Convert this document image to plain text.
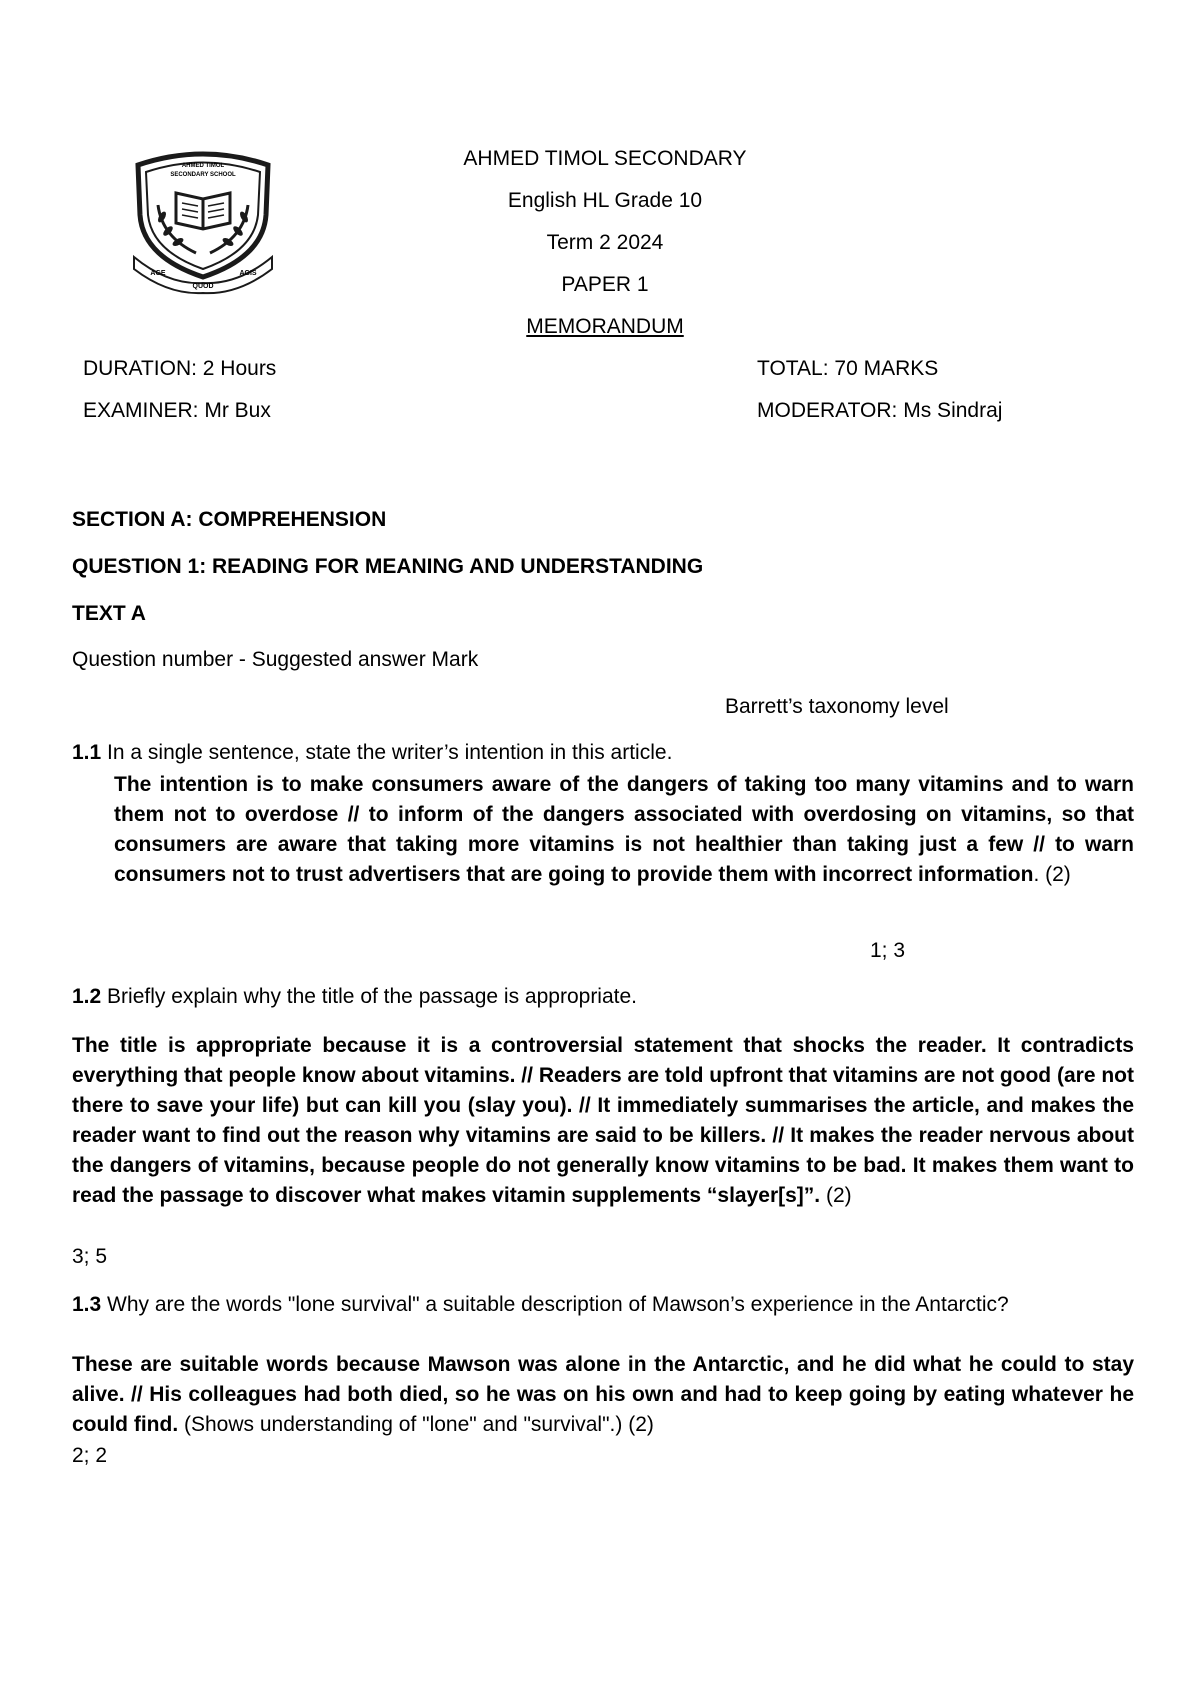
AHMED TIMOL
SECONDARY SCHOOL
AGE
QUOD
AGIS
AHMED TIMOL SECONDARY
English HL Grade 10
Term 2 2024
PAPER 1
MEMORANDUM
DURATION: 2 Hours	TOTAL: 70 MARKS
EXAMINER: Mr Bux	MODERATOR: Ms Sindraj
SECTION A: COMPREHENSION
QUESTION 1: READING FOR MEANING AND UNDERSTANDING
TEXT A
Question number - Suggested answer Mark
Barrett’s taxonomy level
1.1 In a single sentence, state the writer’s intention in this article.
The intention is to make consumers aware of the dangers of taking too many vitamins and to warn them not to overdose // to inform of the dangers associated with overdosing on vitamins, so that consumers are aware that taking more vitamins is not healthier than taking just a few // to warn consumers not to trust advertisers that are going to provide them with incorrect information. (2)
1; 3
1.2 Briefly explain why the title of the passage is appropriate.
The title is appropriate because it is a controversial statement that shocks the reader. It contradicts everything that people know about vitamins. // Readers are told upfront that vitamins are not good (are not there to save your life) but can kill you (slay you). // It immediately summarises the article, and makes the reader want to find out the reason why vitamins are said to be killers. // It makes the reader nervous about the dangers of vitamins, because people do not generally know vitamins to be bad. It makes them want to read the passage to discover what makes vitamin supplements “slayer[s]”. (2)
3; 5
1.3 Why are the words "lone survival" a suitable description of Mawson’s experience in the Antarctic?
These are suitable words because Mawson was alone in the Antarctic, and he did what he could to stay alive. // His colleagues had both died, so he was on his own and had to keep going by eating whatever he could find. (Shows understanding of "lone" and "survival".) (2)
2; 2
